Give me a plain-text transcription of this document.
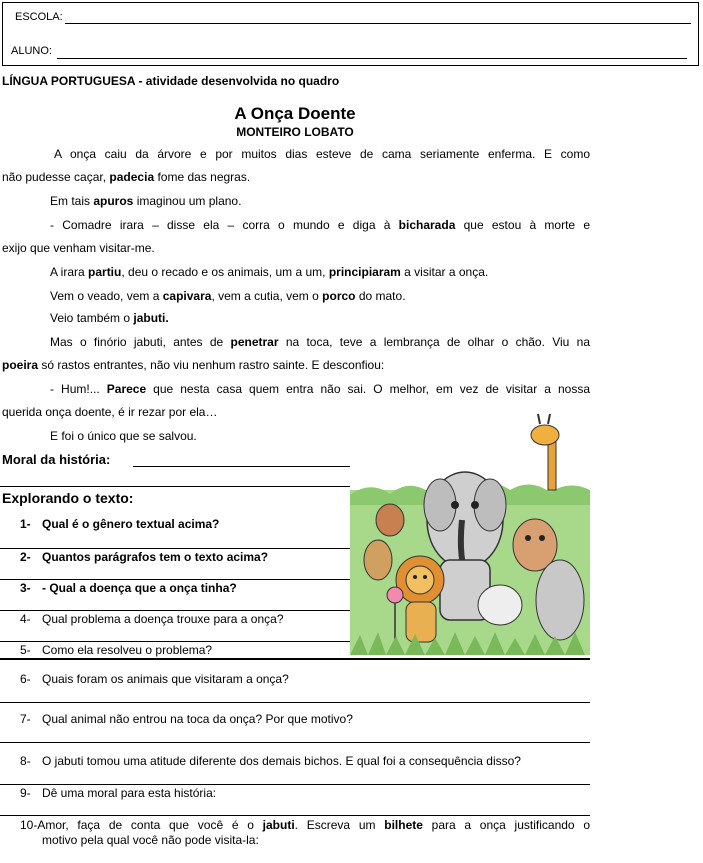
ESCOLA:
ALUNO:
LÍNGUA PORTUGUESA - atividade desenvolvida no quadro
A Onça Doente
MONTEIRO LOBATO
A onça caiu da árvore e por muitos dias esteve de cama seriamente enferma. E como
não pudesse caçar, padecia fome das negras.
Em tais apuros imaginou um plano.
- Comadre irara – disse ela – corra o mundo e diga à bicharada que estou à morte e
exijo que venham visitar-me.
A irara partiu, deu o recado e os animais, um a um, principiaram a visitar a onça.
Vem o veado, vem a capivara, vem a cutia, vem o porco do mato.
Veio também o jabuti.
Mas o finório jabuti, antes de penetrar na toca, teve a lembrança de olhar o chão. Viu na
poeira só rastos entrantes, não viu nenhum rastro sainte. E desconfiou:
- Hum!... Parece que nesta casa quem entra não sai. O melhor, em vez de visitar a nossa
querida onça doente, é ir rezar por ela…
E foi o único que se salvou.
Moral da história:
Explorando o texto:
1- Qual é o gênero textual acima?
2- Quantos parágrafos tem o texto acima?
3- - Qual a doença que a onça tinha?
4- Qual problema a doença trouxe para a onça?
5- Como ela resolveu o problema?
6- Quais foram os animais que visitaram a onça?
7- Qual animal não entrou na toca da onça? Por que motivo?
8- O jabuti tomou uma atitude diferente dos demais bichos. E qual foi a consequência disso?
9- Dê uma moral para esta história:
10-Amor, faça de conta que você é o jabuti. Escreva um bilhete para a onça justificando o
motivo pela qual você não pode visita-la:
